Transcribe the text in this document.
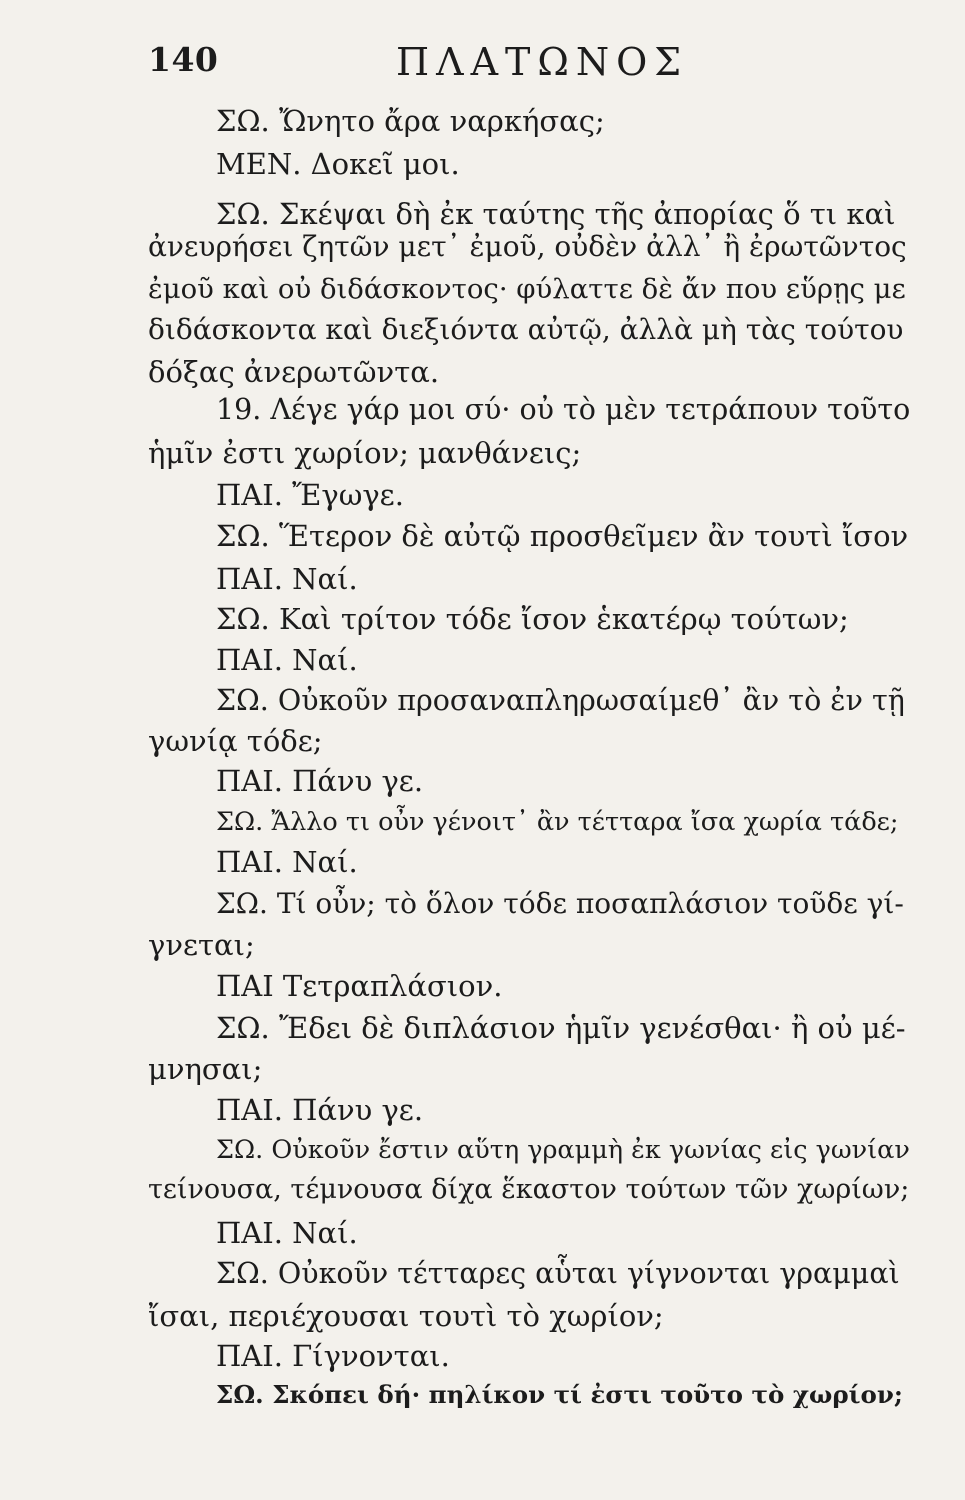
140	ΠΛΑΤΩΝΟΣ
ΣΩ. Ὤνητο ἄρα ναρκήσας;
ΜΕΝ. Δοκεῖ μοι.
ΣΩ. Σκέψαι δὴ ἐκ ταύτης τῆς ἀπορίας ὅ τι καὶ
ἀνευρήσει ζητῶν μετ᾽ ἐμοῦ, οὐδὲν ἀλλ᾽ ἢ ἐρωτῶντος
ἐμοῦ καὶ οὐ διδάσκοντος· φύλαττε δὲ ἄν που εὕρῃς με
διδάσκοντα καὶ διεξιόντα αὐτῷ, ἀλλὰ μὴ τὰς τούτου
δόξας ἀνερωτῶντα.
19. Λέγε γάρ μοι σύ· οὐ τὸ μὲν τετράπουν τοῦτο
ἡμῖν ἐστι χωρίον; μανθάνεις;
ΠΑΙ. Ἔγωγε.
ΣΩ. Ἕτερον δὲ αὐτῷ προσθεῖμεν ἂν τουτὶ ἴσον
ΠΑΙ. Ναί.
ΣΩ. Καὶ τρίτον τόδε ἴσον ἑκατέρῳ τούτων;
ΠΑΙ. Ναί.
ΣΩ. Οὐκοῦν προσαναπληρωσαίμεθ᾽ ἂν τὸ ἐν τῇ
γωνίᾳ τόδε;
ΠΑΙ. Πάνυ γε.
ΣΩ. Ἄλλο τι οὖν γένοιτ᾽ ἂν τέτταρα ἴσα χωρία τάδε;
ΠΑΙ. Ναί.
ΣΩ. Τί οὖν; τὸ ὅλον τόδε ποσαπλάσιον τοῦδε γί-
γνεται;
ΠΑΙ Τετραπλάσιον.
ΣΩ. Ἔδει δὲ διπλάσιον ἡμῖν γενέσθαι· ἢ οὐ μέ-
μνησαι;
ΠΑΙ. Πάνυ γε.
ΣΩ. Οὐκοῦν ἔστιν αὕτη γραμμὴ ἐκ γωνίας εἰς γωνίαν
τείνουσα, τέμνουσα δίχα ἕκαστον τούτων τῶν χωρίων;
ΠΑΙ. Ναί.
ΣΩ. Οὐκοῦν τέτταρες αὗται γίγνονται γραμμαὶ
ἴσαι, περιέχουσαι τουτὶ τὸ χωρίον;
ΠΑΙ. Γίγνονται.
ΣΩ. Σκόπει δή· πηλίκον τί ἐστι τοῦτο τὸ χωρίον;
